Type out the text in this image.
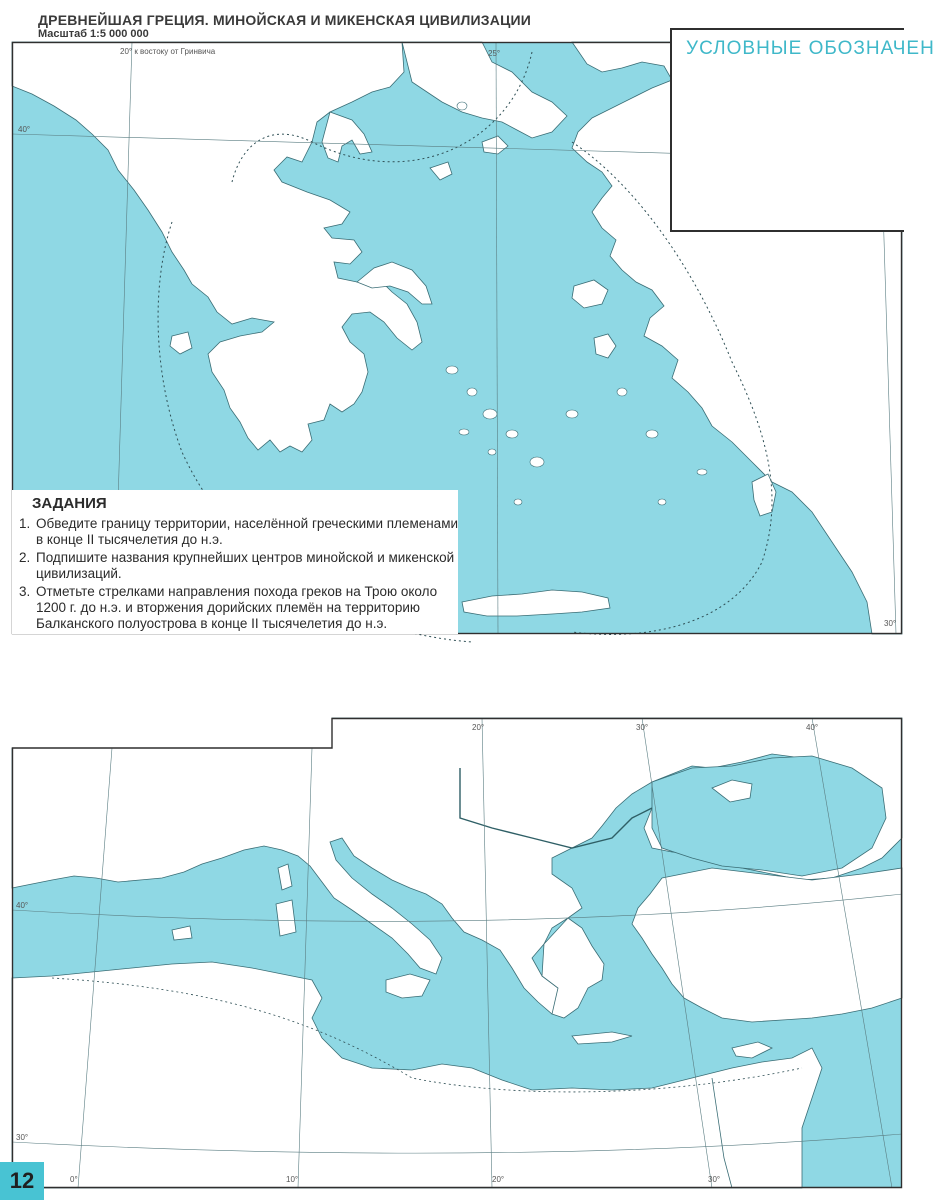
ДРЕВНЕЙШАЯ ГРЕЦИЯ. МИНОЙСКАЯ И МИКЕНСКАЯ ЦИВИЛИЗАЦИИ
Масштаб 1:5 000 000
20° к востоку от Гринвича
40°
25°
30°
УСЛОВНЫЕ ОБОЗНАЧЕН
ЗАДАНИЯ
1. Обведите границу территории, населённой греческими племенами в конце II тысячелетия до н.э.
2. Подпишите названия крупнейших центров минойской и микенской цивилизаций.
3. Отметьте стрелками направления похода греков на Трою около 1200 г. до н.э. и вторжения дорийских племён на территорию Балканского полуострова в конце II тысячелетия до н.э.
20°	30°	40°
40°
30°
0°	10°	20°	30°
12
